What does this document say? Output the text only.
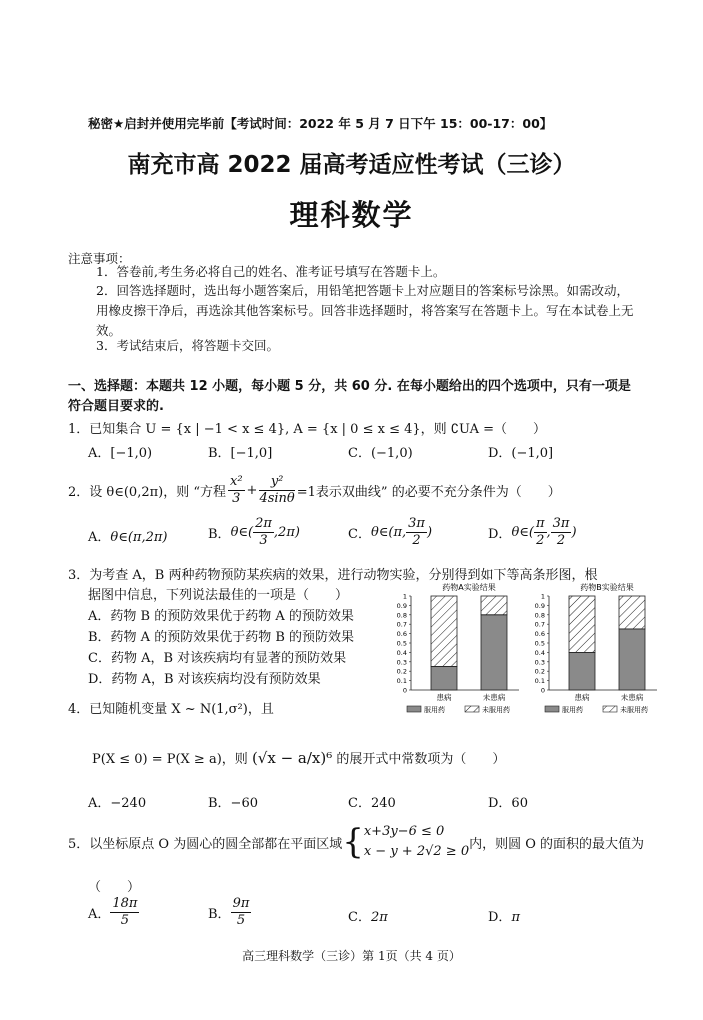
秘密★启封并使用完毕前【考试时间：2022 年 5 月 7 日下午 15：00-17：00】
南充市高 2022 届高考适应性考试（三诊）
理科数学
注意事项：
1．答卷前,考生务必将自己的姓名、准考证号填写在答题卡上。
2．回答选择题时，选出每小题答案后，用铅笔把答题卡上对应题目的答案标号涂黑。如需改动，用橡皮擦干净后，再选涂其他答案标号。回答非选择题时，将答案写在答题卡上。写在本试卷上无效。
3．考试结束后，将答题卡交回。
一、选择题：本题共 12 小题，每小题 5 分，共 60 分. 在每小题给出的四个选项中，只有一项是符合题目要求的.
1．已知集合 U = {x | −1 < x ≤ 4}, A = {x | 0 ≤ x ≤ 4}，则 ∁UA =（　　）
A．[−1,0)	B．[−1,0]	C．(−1,0)	D．(−1,0]
2．设 θ∈(0,2π)，则 “方程 $\frac{\text{x²}}{3} + \frac{\text{y²}}{4\sin\theta} =1$表示双曲线” 的必要不充分条件为（　　）
A．θ∈(π,2π)	B． θ∈( $\frac{2\pi}{3} ,2\pi$)	C． θ∈(π, $\frac{3\pi}{2}$ )	D． θ∈( $\frac{\pi}{2}$ , $\frac{3\pi}{2}$ )
3．为考查 A，B 两种药物预防某疾病的效果，进行动物实验，分别得到如下等高条形图，根
据图中信息，下列说法最佳的一项是（　　）
A．药物 B 的预防效果优于药物 A 的预防效果
B．药物 A 的预防效果优于药物 B 的预防效果
C．药物 A，B 对该疾病均有显著的预防效果
D．药物 A，B 对该疾病均没有预防效果
药物A实验结果
0
0.1
0.2
0.3
0.4
0.5
0.6
0.7
0.8
0.9
1
患病	未患病
服用药	未服用药
药物B实验结果
0
0.1
0.2
0.3
0.4
0.5
0.6
0.7
0.8
0.9
1
患病	未患病
服用药	未服用药
4．已知随机变量 X ~ N(1,σ²)，且
P(X ≤ 0) = P(X ≥ a)，则 (√x − a/x)⁶ 的展开式中常数项为（　　）
A．−240	B．−60	C．240	D．60
5．以坐标原点 O 为圆心的圆全部都在平面区域 { x+3y−6 ≤ 0
x − y + 2√2 ≥ 0 内，则圆 O 的面积的最大值为
（　　）
A． $\frac{18\pi}{5}$	B． $\frac{9\pi}{5}$	C．2π	D．π
高三理科数学（三诊）第 1页（共 4 页）
